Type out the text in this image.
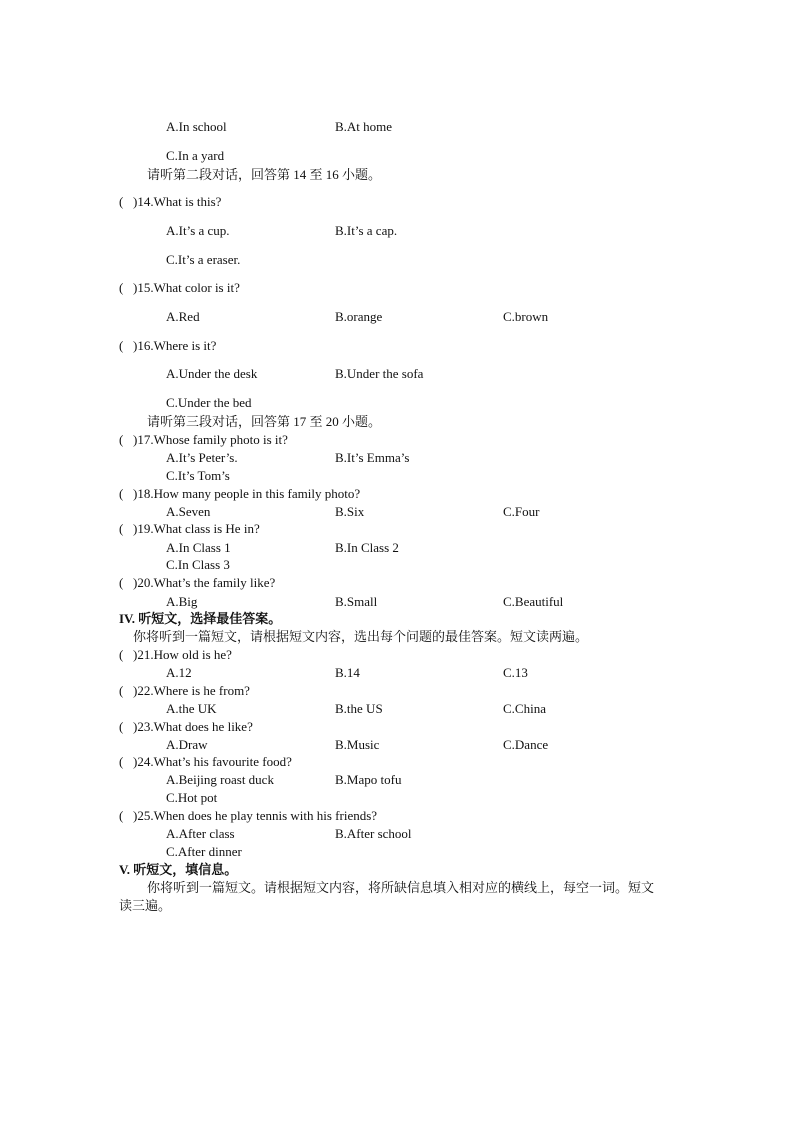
A.In school	B.At home
C.In a yard
请听第二段对话，回答第 14 至 16 小题。
( )14.What is this?
A.It’s a cup.	B.It’s a cap.
C.It’s a eraser.
( )15.What color is it?
A.Red	B.orange	C.brown
( )16.Where is it?
A.Under the desk	B.Under the sofa
C.Under the bed
请听第三段对话，回答第 17 至 20 小题。
( )17.Whose family photo is it?
A.It’s Peter’s.	B.It’s Emma’s
C.It’s Tom’s
( )18.How many people in this family photo?
A.Seven	B.Six	C.Four
( )19.What class is He in?
A.In Class 1	B.In Class 2
C.In Class 3
( )20.What’s the family like?
A.Big	B.Small	C.Beautiful
IV. 听短文，选择最佳答案。
你将听到一篇短文，请根据短文内容，选出每个问题的最佳答案。短文读两遍。
( )21.How old is he?
A.12	B.14	C.13
( )22.Where is he from?
A.the UK	B.the US	C.China
( )23.What does he like?
A.Draw	B.Music	C.Dance
( )24.What’s his favourite food?
A.Beijing roast duck	B.Mapo tofu
C.Hot pot
( )25.When does he play tennis with his friends?
A.After class	B.After school
C.After dinner
V. 听短文，填信息。
你将听到一篇短文。请根据短文内容，将所缺信息填入相对应的横线上，每空一词。短文
读三遍。
